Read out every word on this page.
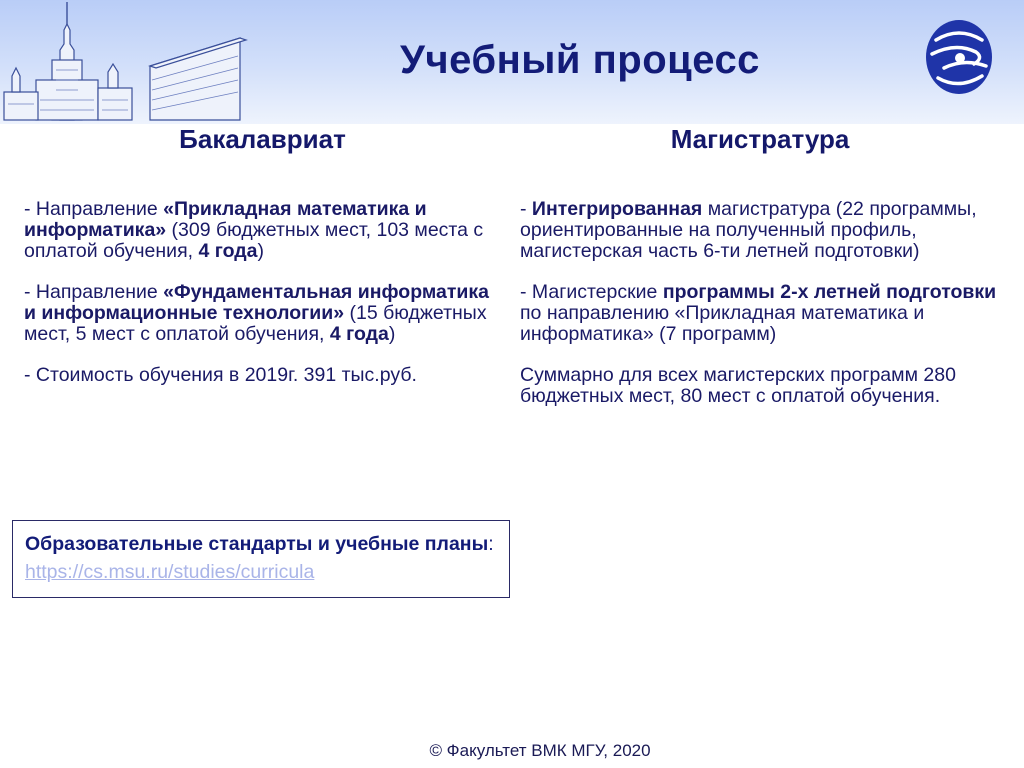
Учебный процесс
Бакалавриат	Магистратура

- Направление «Прикладная математика и информатика» (309 бюджетных мест, 103 места с оплатой обучения, 4 года)

- Направление «Фундаментальная информатика и информационные технологии» (15 бюджетных мест, 5 мест с оплатой обучения, 4 года)

- Стоимость обучения в 2019г. 391 тыс.руб.

- Интегрированная магистратура (22 программы, ориентированные на полученный профиль, магистерская часть 6-ти летней подготовки)

- Магистерские программы 2-х летней подготовки по направлению «Прикладная математика и информатика» (7 программ)

Суммарно для всех магистерских программ 280 бюджетных мест, 80 мест с оплатой обучения.

Образовательные стандарты и учебные планы: https://cs.msu.ru/studies/curricula
© Факультет ВМК МГУ, 2020
